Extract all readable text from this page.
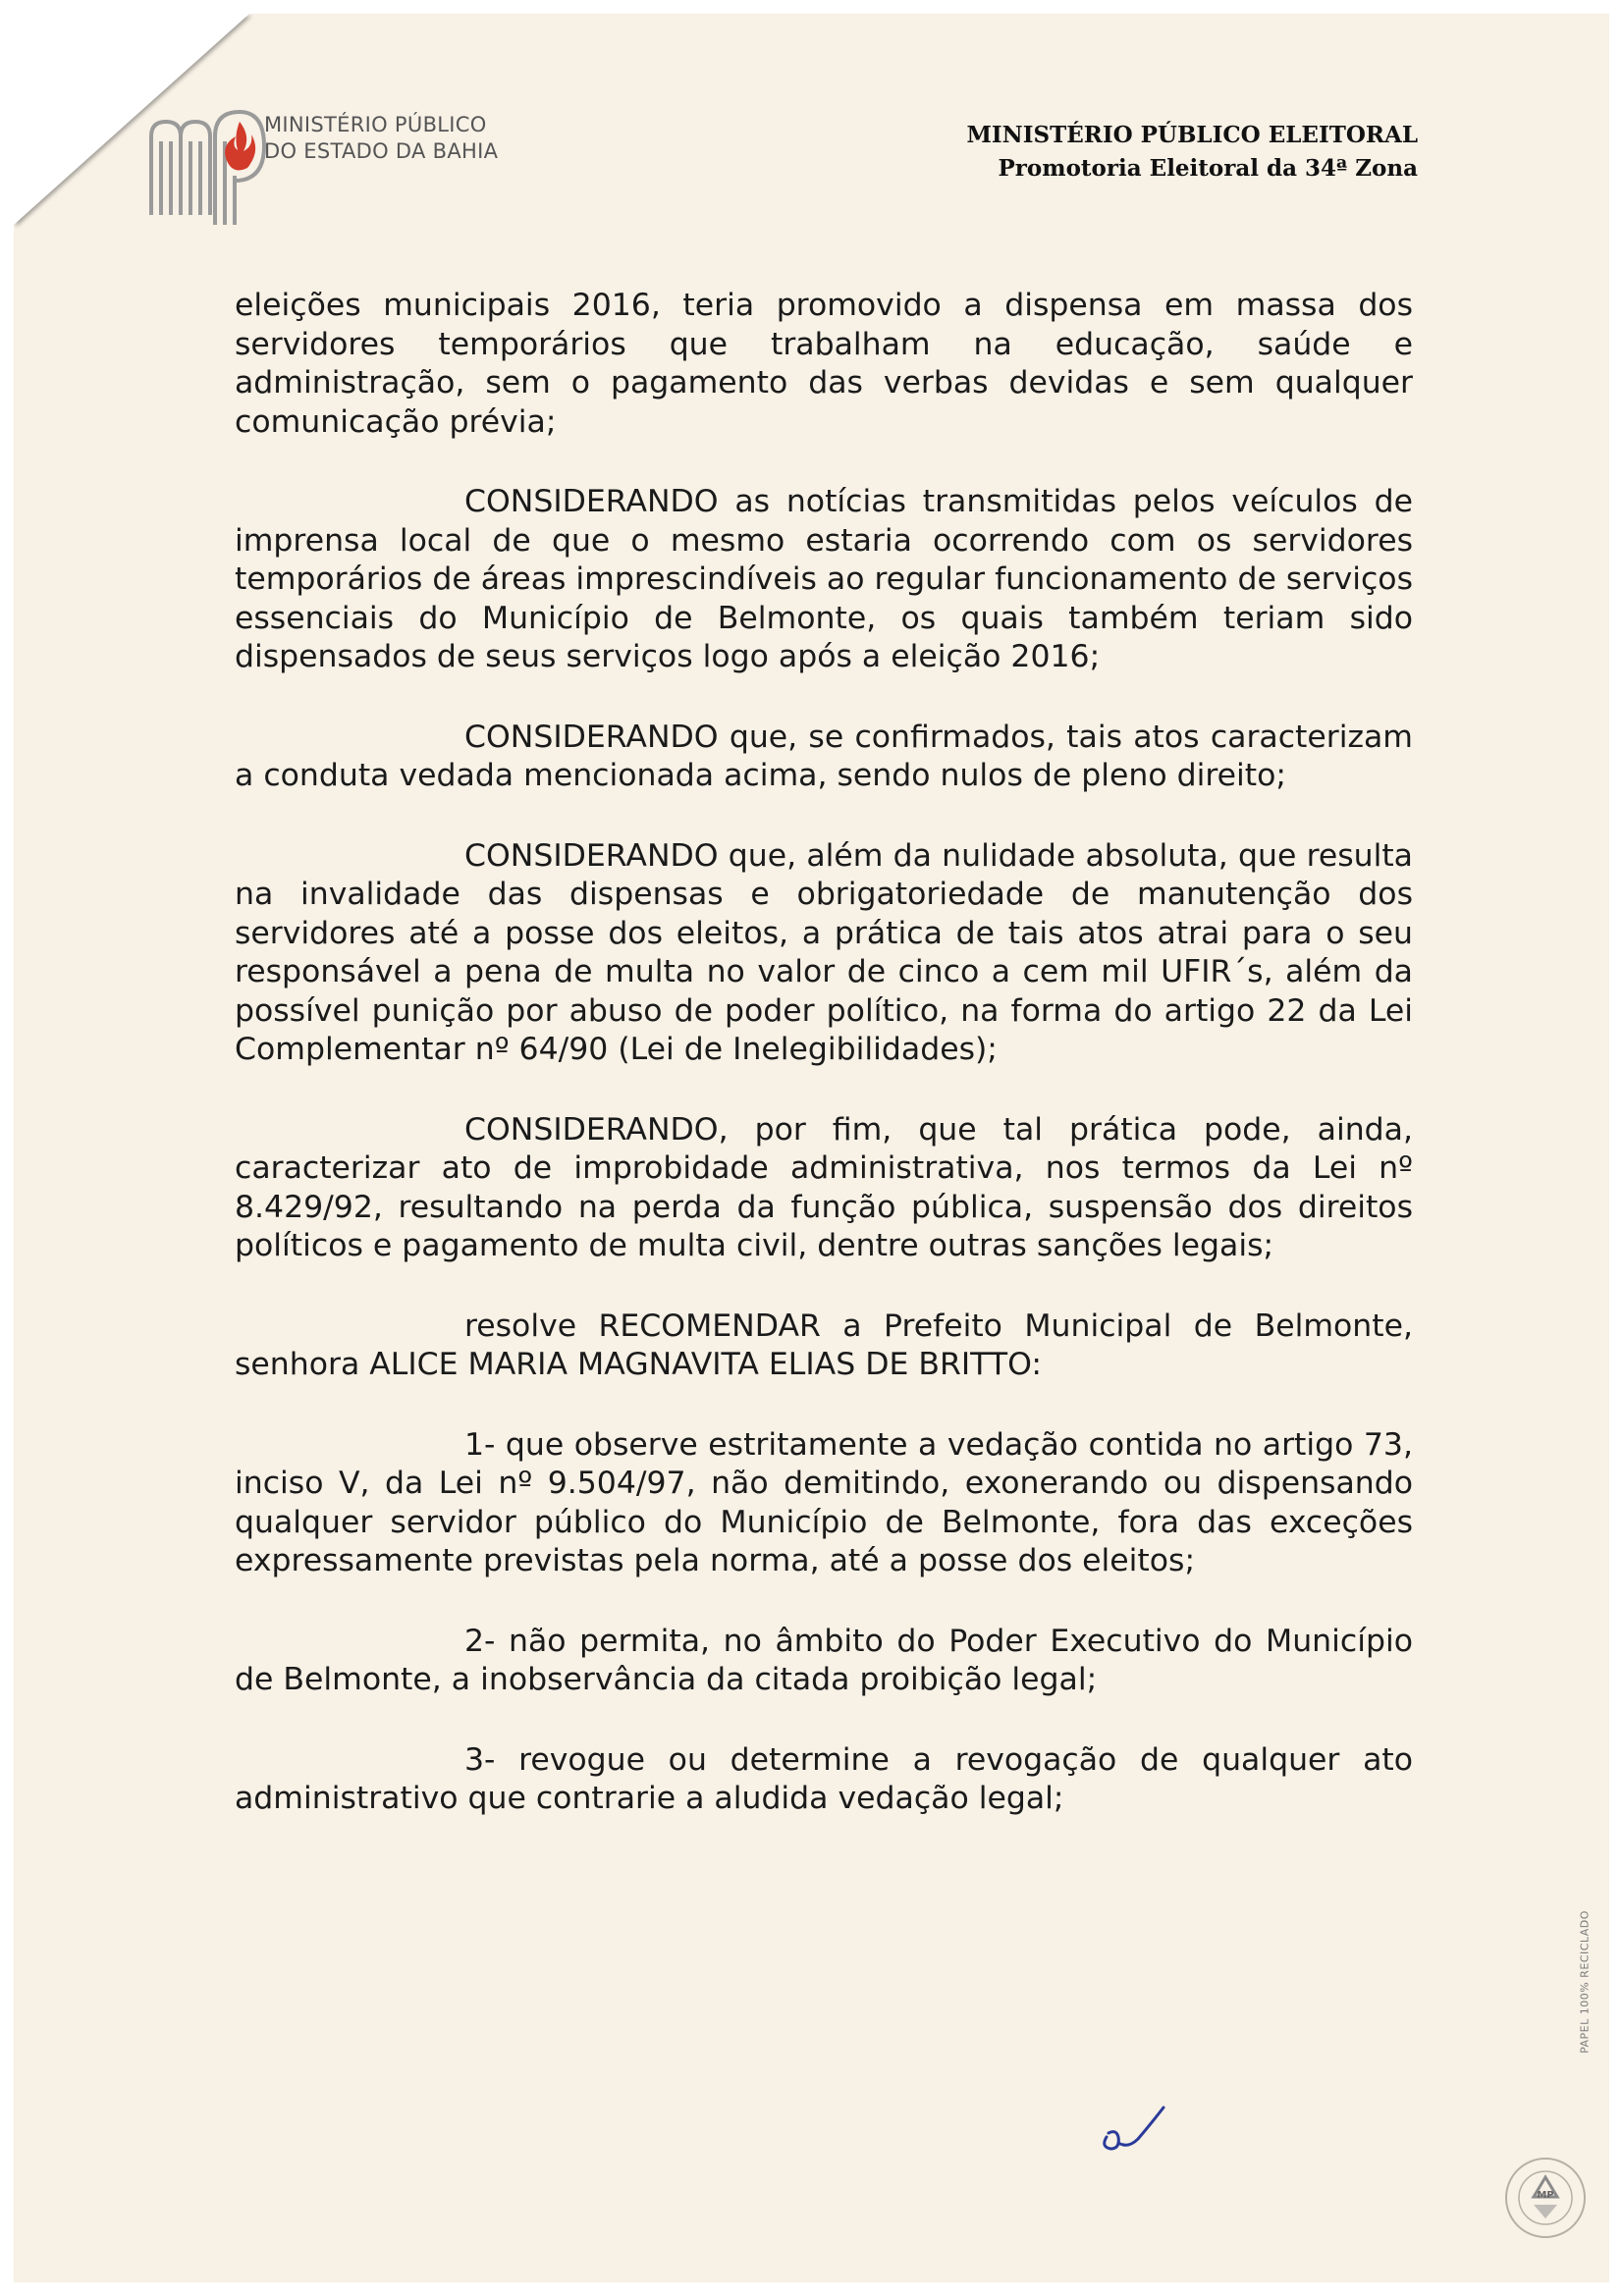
MINISTÉRIO PÚBLICO
DO ESTADO DA BAHIA
MINISTÉRIO PÚBLICO ELEITORAL
Promotoria Eleitoral da 34ª Zona

eleições municipais 2016, teria promovido a dispensa em massa dos servidores temporários que trabalham na educação, saúde e administração, sem o pagamento das verbas devidas e sem qualquer comunicação prévia;

CONSIDERANDO as notícias transmitidas pelos veículos de imprensa local de que o mesmo estaria ocorrendo com os servidores temporários de áreas imprescindíveis ao regular funcionamento de serviços essenciais do Município de Belmonte, os quais também teriam sido dispensados de seus serviços logo após a eleição 2016;

CONSIDERANDO que, se confirmados, tais atos caracterizam a conduta vedada mencionada acima, sendo nulos de pleno direito;

CONSIDERANDO que, além da nulidade absoluta, que resulta na invalidade das dispensas e obrigatoriedade de manutenção dos servidores até a posse dos eleitos, a prática de tais atos atrai para o seu responsável a pena de multa no valor de cinco a cem mil UFIR´s, além da possível punição por abuso de poder político, na forma do artigo 22 da Lei Complementar nº 64/90 (Lei de Inelegibilidades);

CONSIDERANDO, por fim, que tal prática pode, ainda, caracterizar ato de improbidade administrativa, nos termos da Lei nº 8.429/92, resultando na perda da função pública, suspensão dos direitos políticos e pagamento de multa civil, dentre outras sanções legais;

resolve RECOMENDAR a Prefeito Municipal de Belmonte, senhora ALICE MARIA MAGNAVITA ELIAS DE BRITTO:

1- que observe estritamente a vedação contida no artigo 73, inciso V, da Lei nº 9.504/97, não demitindo, exonerando ou dispensando qualquer servidor público do Município de Belmonte, fora das exceções expressamente previstas pela norma, até a posse dos eleitos;

2- não permita, no âmbito do Poder Executivo do Município de Belmonte, a inobservância da citada proibição legal;

3- revogue ou determine a revogação de qualquer ato administrativo que contrarie a aludida vedação legal;

PAPEL 100% RECICLADO
MP
